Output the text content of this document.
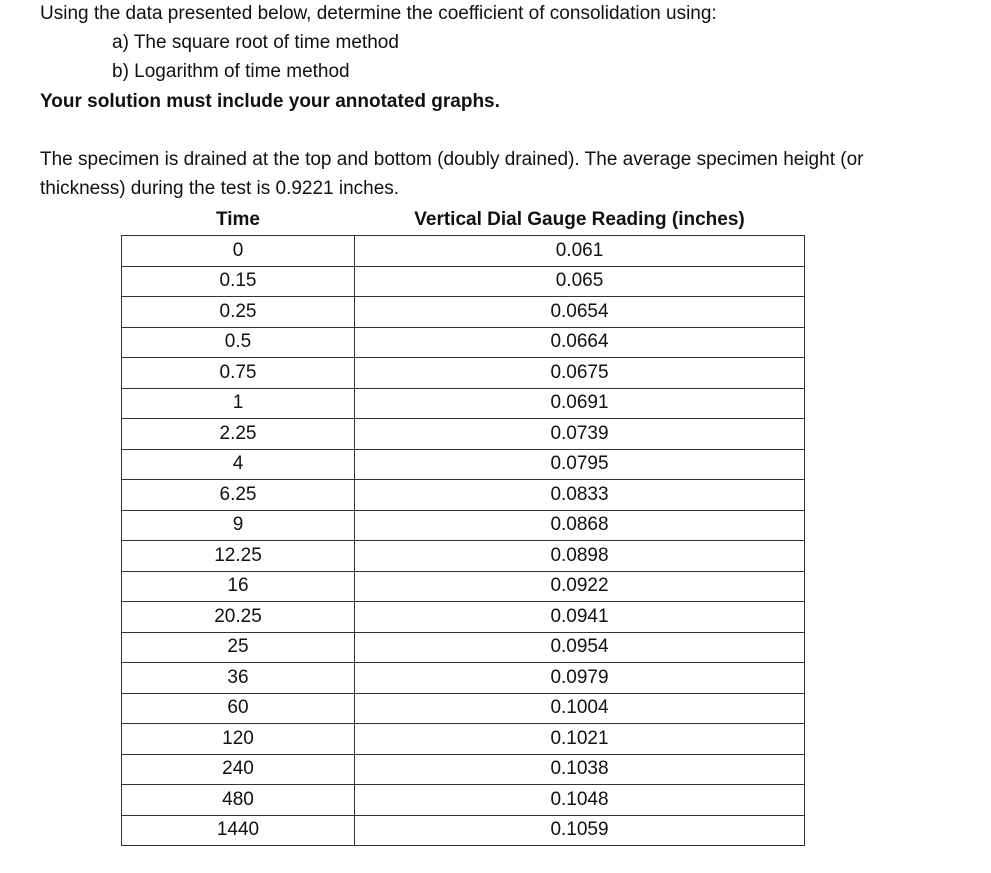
Using the data presented below, determine the coefficient of consolidation using:
a) The square root of time method
b) Logarithm of time method
Your solution must include your annotated graphs.
The specimen is drained at the top and bottom (doubly drained). The average specimen height (or
thickness) during the test is 0.9221 inches.
Time	Vertical Dial Gauge Reading (inches)
0	0.061
0.15	0.065
0.25	0.0654
0.5	0.0664
0.75	0.0675
1	0.0691
2.25	0.0739
4	0.0795
6.25	0.0833
9	0.0868
12.25	0.0898
16	0.0922
20.25	0.0941
25	0.0954
36	0.0979
60	0.1004
120	0.1021
240	0.1038
480	0.1048
1440	0.1059
